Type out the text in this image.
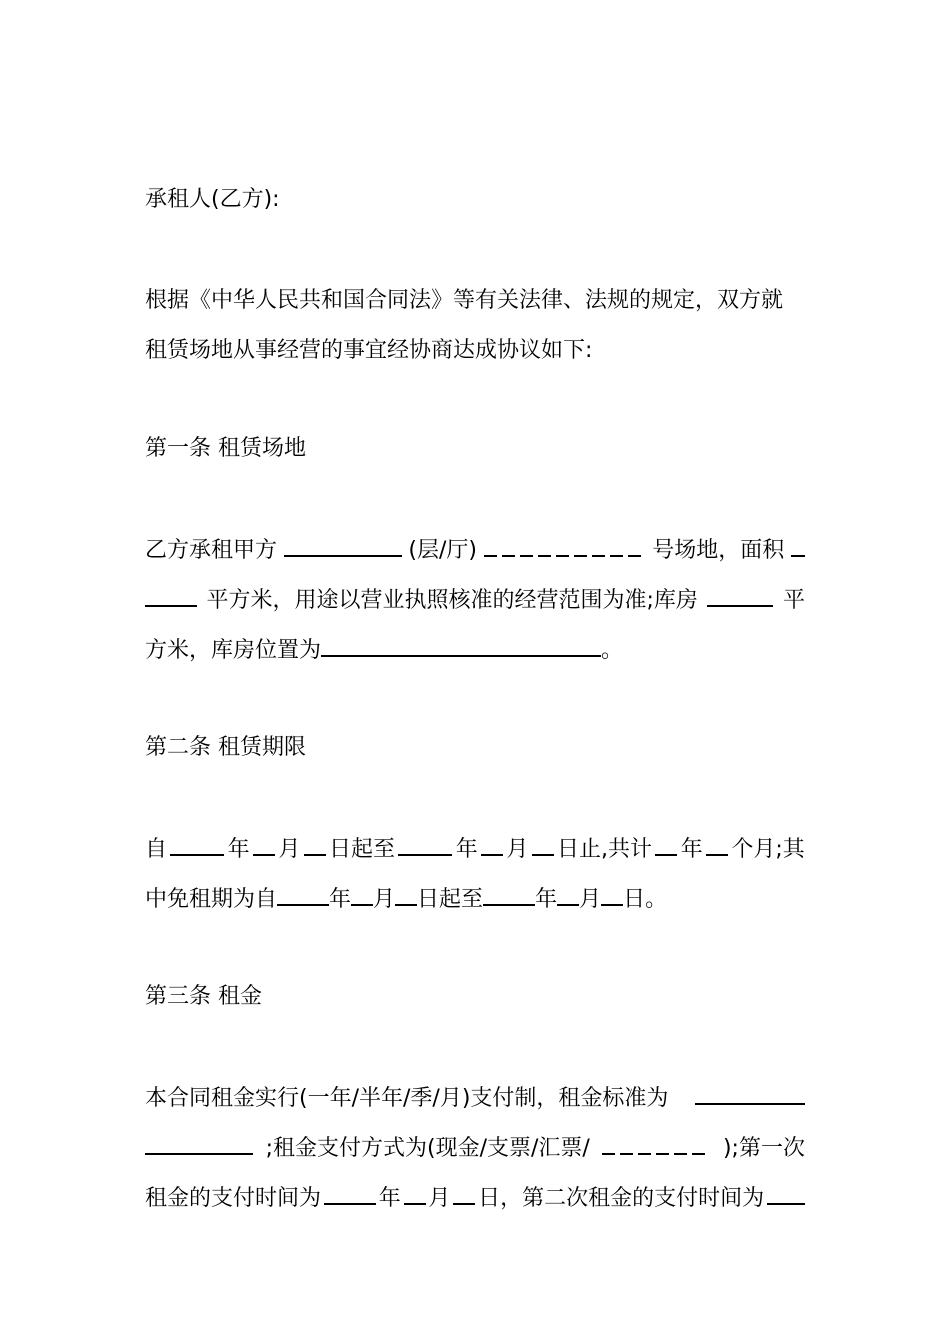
承租人(乙方):
根据《中华人民共和国合同法》等有关法律、法规的规定，双方就
租赁场地从事经营的事宜经协商达成协议如下:
第一条 租赁场地
乙方承租甲方	(层/厅)	号场地，面积
平方米，用途以营业执照核准的经营范围为准;库房	平
方米，库房位置为	。
第二条 租赁期限
自	年 月 日起至	年 月 日止,共计 年 个月;其
中免租期为自 年 月 日起至 年 月 日。
第三条 租金
本合同租金实行(一年/半年/季/月)支付制，租金标准为
;租金支付方式为(现金/支票/汇票/	);第一次
租金的支付时间为	年 月 日，第二次租金的支付时间为
